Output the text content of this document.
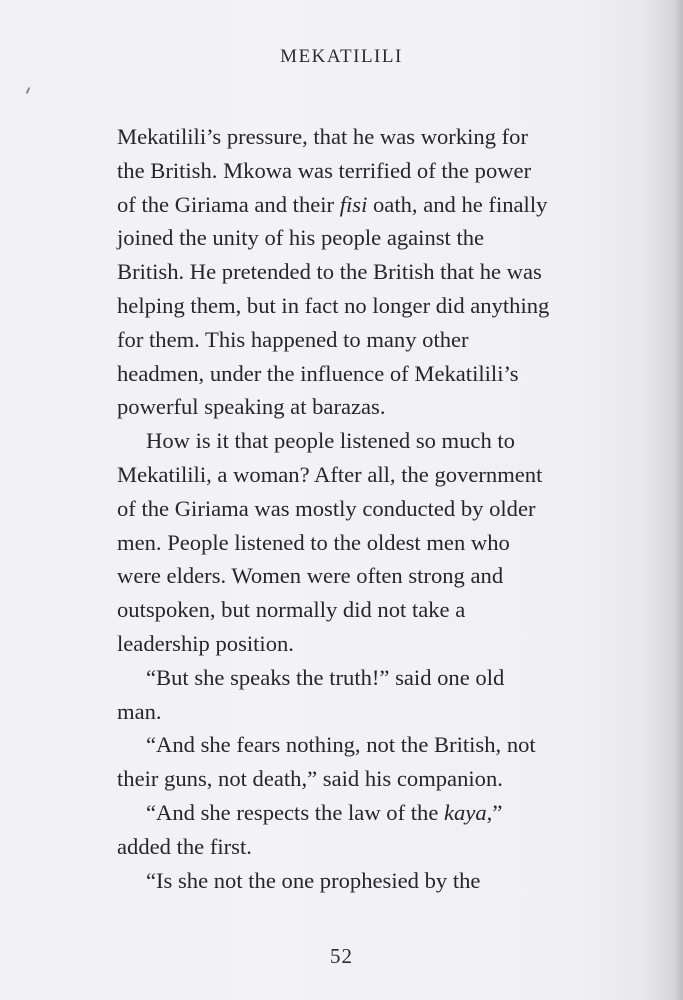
MEKATILILI
Mekatilili’s pressure, that he was working for
the British. Mkowa was terrified of the power
of the Giriama and their fisi oath, and he finally
joined the unity of his people against the
British. He pretended to the British that he was
helping them, but in fact no longer did anything
for them. This happened to many other
headmen, under the influence of Mekatilili’s
powerful speaking at barazas.
How is it that people listened so much to
Mekatilili, a woman? After all, the government
of the Giriama was mostly conducted by older
men. People listened to the oldest men who
were elders. Women were often strong and
outspoken, but normally did not take a
leadership position.
“But she speaks the truth!” said one old
man.
“And she fears nothing, not the British, not
their guns, not death,” said his companion.
“And she respects the law of the kaya,”
added the first.
“Is she not the one prophesied by the
52
